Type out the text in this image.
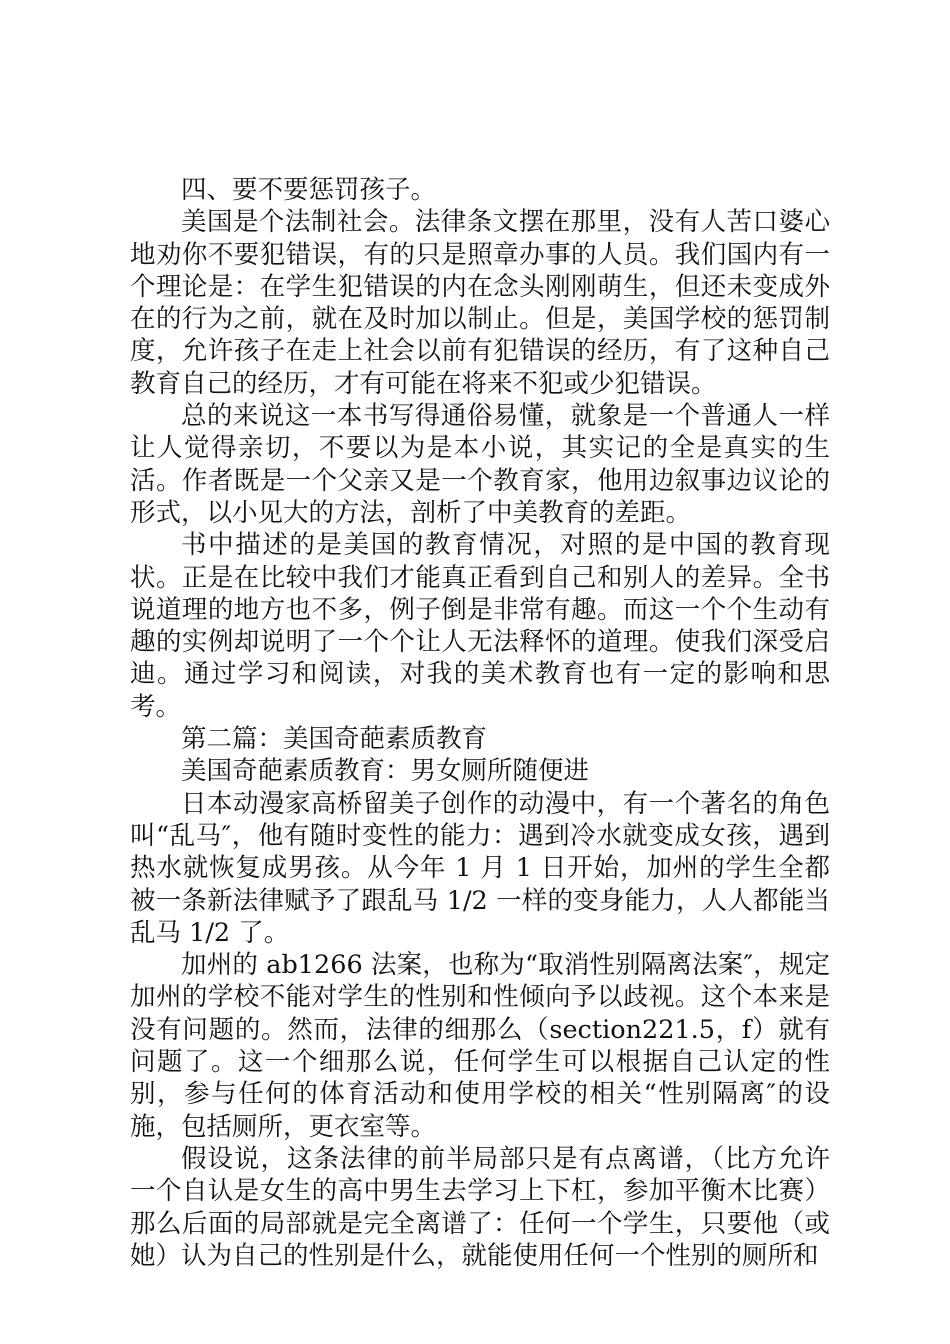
四、要不要惩罚孩子。

美国是个法制社会。法律条文摆在那里，没有人苦口婆心地劝你不要犯错误，有的只是照章办事的人员。我们国内有一个理论是：在学生犯错误的内在念头刚刚萌生，但还未变成外在的行为之前，就在及时加以制止。但是，美国学校的惩罚制度，允许孩子在走上社会以前有犯错误的经历，有了这种自己教育自己的经历，才有可能在将来不犯或少犯错误。

总的来说这一本书写得通俗易懂，就象是一个普通人一样让人觉得亲切，不要以为是本小说，其实记的全是真实的生活。作者既是一个父亲又是一个教育家，他用边叙事边议论的形式，以小见大的方法，剖析了中美教育的差距。

书中描述的是美国的教育情况，对照的是中国的教育现状。正是在比较中我们才能真正看到自己和别人的差异。全书说道理的地方也不多，例子倒是非常有趣。而这一个个生动有趣的实例却说明了一个个让人无法释怀的道理。使我们深受启迪。通过学习和阅读，对我的美术教育也有一定的影响和思考。

第二篇：美国奇葩素质教育

美国奇葩素质教育：男女厕所随便进

日本动漫家高桥留美子创作的动漫中，有一个著名的角色叫“乱马″，他有随时变性的能力：遇到冷水就变成女孩，遇到热水就恢复成男孩。从今年 1 月 1 日开始，加州的学生全都被一条新法律赋予了跟乱马 1/2 一样的变身能力，人人都能当乱马 1/2 了。

加州的 ab1266 法案，也称为“取消性别隔离法案″，规定加州的学校不能对学生的性别和性倾向予以歧视。这个本来是没有问题的。然而，法律的细那么（section221.5，f）就有问题了。这一个细那么说，任何学生可以根据自己认定的性别，参与任何的体育活动和使用学校的相关“性别隔离″的设施，包括厕所，更衣室等。

假设说，这条法律的前半局部只是有点离谱，（比方允许一个自认是女生的高中男生去学习上下杠，参加平衡木比赛）那么后面的局部就是完全离谱了：任何一个学生，只要他（或她）认为自己的性别是什么，就能使用任何一个性别的厕所和
